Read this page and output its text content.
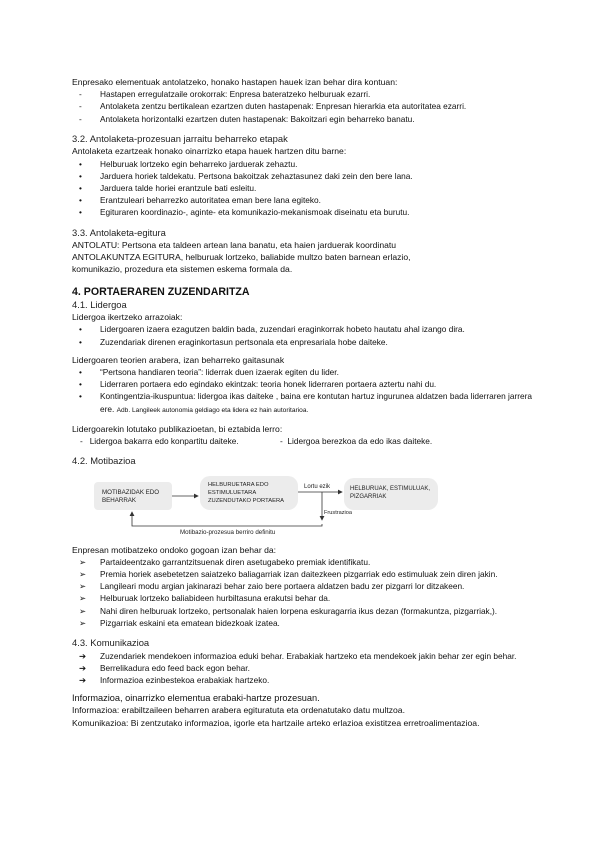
Enpresako elementuak antolatzeko, honako hastapen hauek izan behar dira kontuan:

- Hastapen erregulatzaile orokorrak: Enpresa bateratzeko helburuak ezarri.
- Antolaketa zentzu bertikalean ezartzen duten hastapenak: Enpresan hierarkia eta autoritatea ezarri.
- Antolaketa horizontalki ezartzen duten hastapenak: Bakoitzari egin beharreko banatu.

3.2. Antolaketa-prozesuan jarraitu beharreko etapak

Antolaketa ezartzeak honako oinarrizko etapa hauek hartzen ditu barne:

• Helburuak lortzeko egin beharreko jarduerak zehaztu.
• Jarduera horiek taldekatu. Pertsona bakoitzak zehaztasunez daki zein den bere lana.
• Jarduera talde horiei erantzule bati esleitu.
• Erantzuleari beharrezko autoritatea eman bere lana egiteko.
• Egituraren koordinazio-, aginte- eta komunikazio-mekanismoak diseinatu eta burutu.

3.3. Antolaketa-egitura

ANTOLATU: Pertsona eta taldeen artean lana banatu, eta haien jarduerak koordinatu

ANTOLAKUNTZA EGITURA, helburuak lortzeko, baliabide multzo baten barnean erlazio,

komunikazio, prozedura eta sistemen eskema formala da.

4. PORTAERAREN ZUZENDARITZA

4.1. Lidergoa

Lidergoa ikertzeko arrazoiak:

• Lidergoaren izaera ezagutzen baldin bada, zuzendari eraginkorrak hobeto hautatu ahal izango dira.
• Zuzendariak direnen eraginkortasun pertsonala eta enpresariala hobe daiteke.

Lidergoaren teorien arabera, izan beharreko gaitasunak

• “Pertsona handiaren teoria”: liderrak duen izaerak egiten du lider.
• Liderraren portaera edo egindako ekintzak: teoria honek liderraren portaera aztertu nahi du.
• Kontingentzia-ikuspuntua: lidergoa ikas daiteke , baina ere kontutan hartuz ingurunea aldatzen bada liderraren jarrera ere. Adb. Langileek autonomia geldiago eta lidera ez hain autoritarioa.

Lidergoarekin lotutako publikazioetan, bi eztabida lerro:

- Lidergoa bakarra edo konpartitu daiteke.	- Lidergoa berezkoa da edo ikas daiteke.

4.2. Motibazioa

MOTIBAZIDAK EDO
BEHARRAK
HELBURUETARA EDO
ESTIMULUETARA
ZUZENDUTAKO PORTAERA
Lortu ezik	HELBURUAK, ESTIMULUAK,
PIZGARRIAK
Frustrazioa
Motibazio-prozesua berriro definitu

Enpresan motibatzeko ondoko gogoan izan behar da:

➢ Partaideentzako garrantzitsuenak diren asetugabeko premiak identifikatu.
➢ Premia horiek asebetetzen saiatzeko baliagarriak izan daitezkeen pizgarriak edo estimuluak zein diren jakin.
➢ Langileari modu argian jakinarazi behar zaio bere portaera aldatzen badu zer pizgarri lor ditzakeen.
➢ Helburuak lortzeko baliabideen hurbiltasuna erakutsi behar da.
➢ Nahi diren helburuak lortzeko, pertsonalak haien lorpena eskuragarria ikus dezan (formakuntza, pizgarriak,).
➢ Pizgarriak eskaini eta ematean bidezkoak izatea.

4.3. Komunikazioa

➔ Zuzendariek mendekoen informazioa eduki behar. Erabakiak hartzeko eta mendekoek jakin behar zer egin behar.
➔ Berrelikadura edo feed back egon behar.
➔ Informazioa ezinbestekoa erabakiak hartzeko.

Informazioa, oinarrizko elementua erabaki-hartze prozesuan.

Informazioa: erabiltzaileen beharren arabera egituratuta eta ordenatutako datu multzoa.

Komunikazioa: Bi zentzutako informazioa, igorle eta hartzaile arteko erlazioa existitzea erretroalimentazioa.
